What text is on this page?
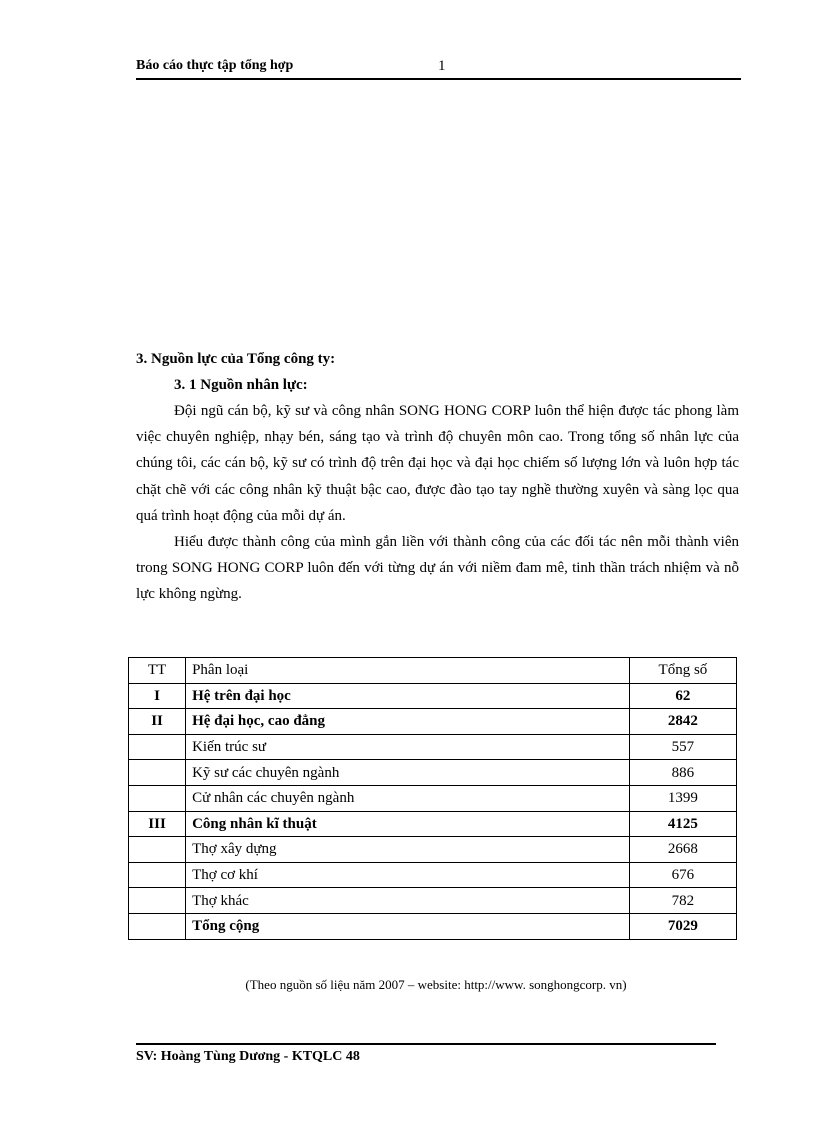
Báo cáo thực tập tổng hợp	1
3. Nguồn lực của Tổng công ty:
3. 1 Nguồn nhân lực:

Đội ngũ cán bộ, kỹ sư và công nhân SONG HONG CORP luôn thể hiện được tác phong làm việc chuyên nghiệp, nhạy bén, sáng tạo và trình độ chuyên môn cao. Trong tổng số nhân lực của chúng tôi, các cán bộ, kỹ sư có trình độ trên đại học và đại học chiếm số lượng lớn và luôn hợp tác chặt chẽ với các công nhân kỹ thuật bậc cao, được đào tạo tay nghề thường xuyên và sàng lọc qua quá trình hoạt động của mỗi dự án.

Hiểu được thành công của mình gắn liền với thành công của các đối tác nên mỗi thành viên trong SONG HONG CORP luôn đến với từng dự án với niềm đam mê, tinh thần trách nhiệm và nỗ lực không ngừng.

TT	Phân loại	Tổng số
I	Hệ trên đại học	62
II	Hệ đại học, cao đẳng	2842
	Kiến trúc sư	557
	Kỹ sư các chuyên ngành	886
	Cử nhân các chuyên ngành	1399
III	Công nhân kĩ thuật	4125
	Thợ xây dựng	2668
	Thợ cơ khí	676
	Thợ khác	782
	Tổng cộng	7029
(Theo nguồn số liệu năm 2007 – website: http://www. songhongcorp. vn)
SV: Hoàng Tùng Dương - KTQLC 48
